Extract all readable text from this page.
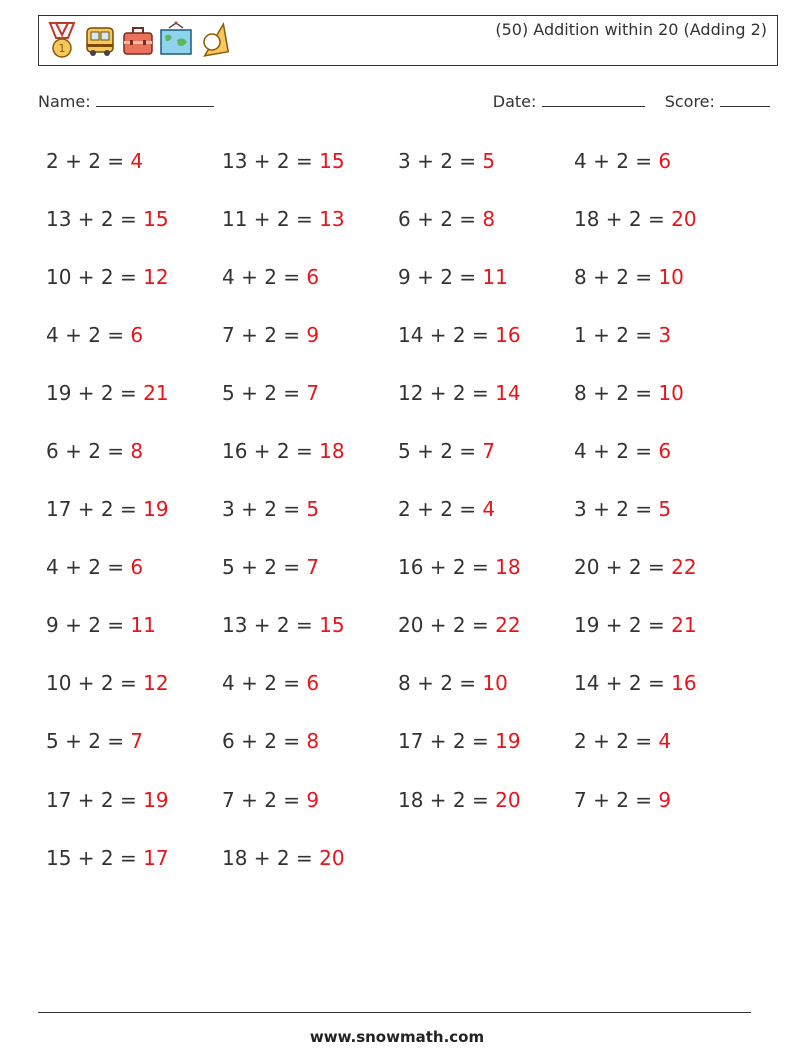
1
(50) Addition within 20 (Adding 2)
Name:	Date:	Score:
2 + 2 = 4	13 + 2 = 15	3 + 2 = 5	4 + 2 = 6
13 + 2 = 15	11 + 2 = 13	6 + 2 = 8	18 + 2 = 20
10 + 2 = 12	4 + 2 = 6	9 + 2 = 11	8 + 2 = 10
4 + 2 = 6	7 + 2 = 9	14 + 2 = 16	1 + 2 = 3
19 + 2 = 21	5 + 2 = 7	12 + 2 = 14	8 + 2 = 10
6 + 2 = 8	16 + 2 = 18	5 + 2 = 7	4 + 2 = 6
17 + 2 = 19	3 + 2 = 5	2 + 2 = 4	3 + 2 = 5
4 + 2 = 6	5 + 2 = 7	16 + 2 = 18	20 + 2 = 22
9 + 2 = 11	13 + 2 = 15	20 + 2 = 22	19 + 2 = 21
10 + 2 = 12	4 + 2 = 6	8 + 2 = 10	14 + 2 = 16
5 + 2 = 7	6 + 2 = 8	17 + 2 = 19	2 + 2 = 4
17 + 2 = 19	7 + 2 = 9	18 + 2 = 20	7 + 2 = 9
15 + 2 = 17	18 + 2 = 20
www.snowmath.com
